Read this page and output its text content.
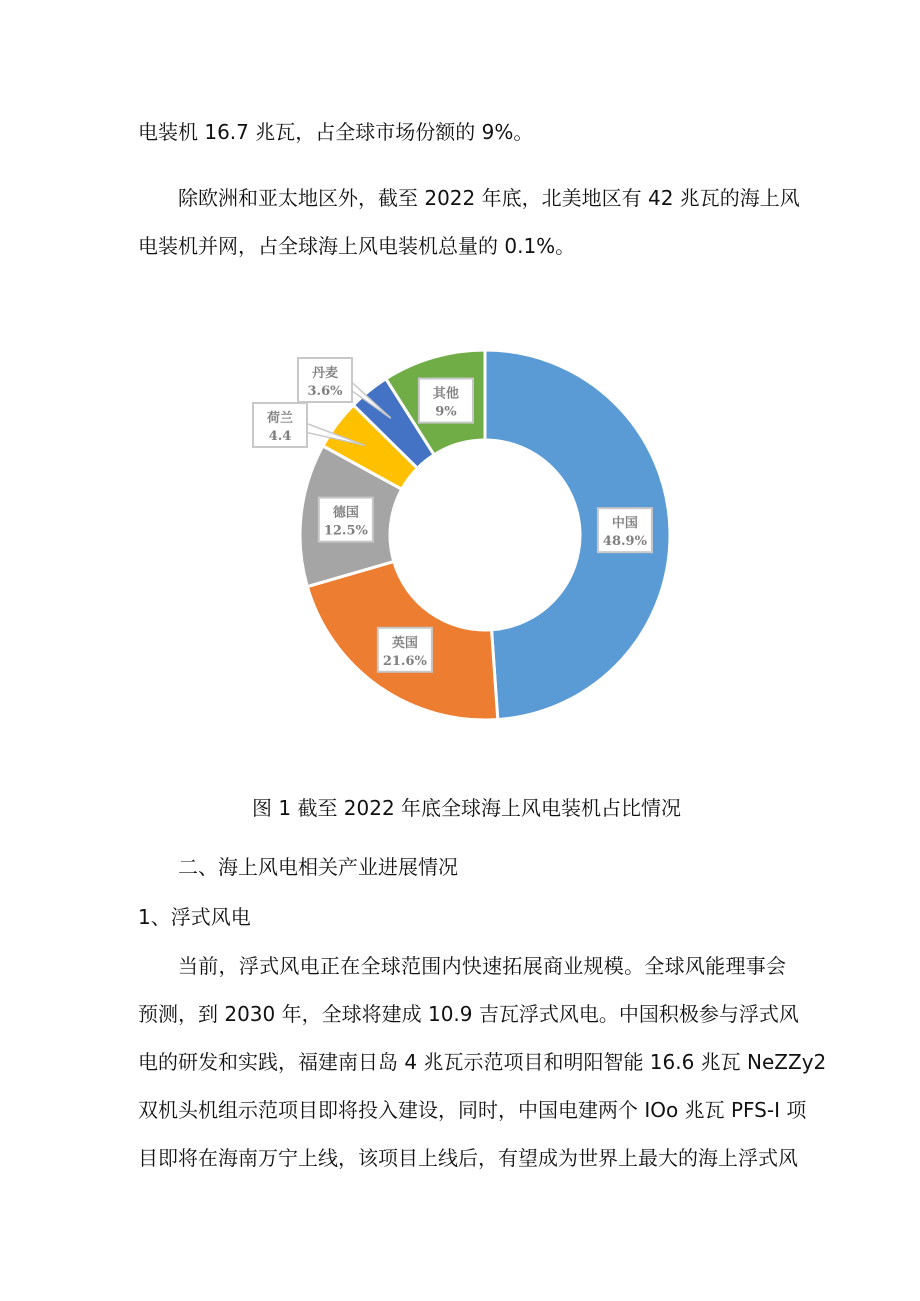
电装机 16.7 兆瓦，占全球市场份额的 9%。
除欧洲和亚太地区外，截至 2022 年底，北美地区有 42 兆瓦的海上风
电装机并网，占全球海上风电装机总量的 0.1%。
中国
48.9%
英国
21.6%
德国
12.5%
荷兰
4.4
丹麦
3.6%	其他
9%
图 1 截至 2022 年底全球海上风电装机占比情况
二、海上风电相关产业进展情况
1、浮式风电
当前，浮式风电正在全球范围内快速拓展商业规模。全球风能理事会
预测，到 2030 年，全球将建成 10.9 吉瓦浮式风电。中国积极参与浮式风
电的研发和实践，福建南日岛 4 兆瓦示范项目和明阳智能 16.6 兆瓦 NeZZy2
双机头机组示范项目即将投入建设，同时，中国电建两个 IOo 兆瓦 PFS-I 项
目即将在海南万宁上线，该项目上线后，有望成为世界上最大的海上浮式风
